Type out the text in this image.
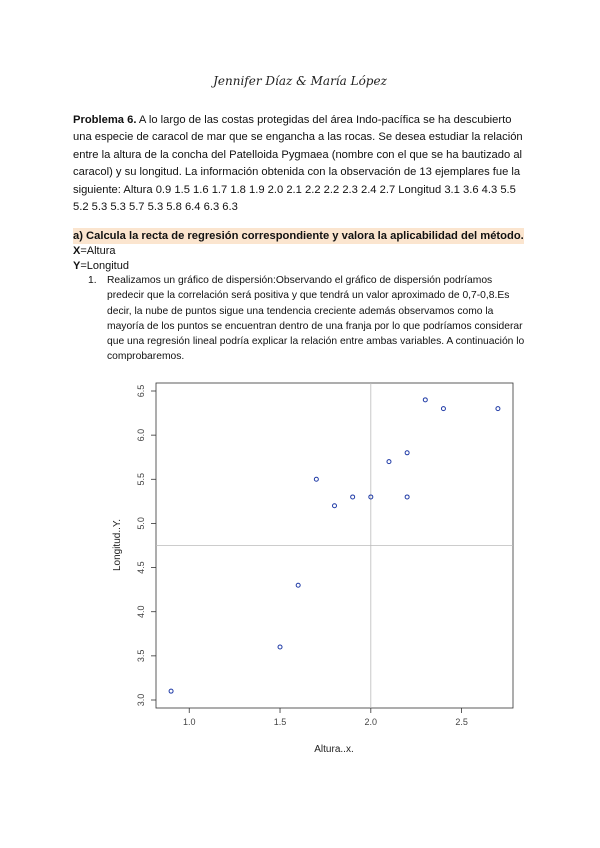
Jennifer Díaz & María López
Problema 6. A lo largo de las costas protegidas del área Indo-pacífica se ha descubierto una especie de caracol de mar que se engancha a las rocas. Se desea estudiar la relación entre la altura de la concha del Patelloida Pygmaea (nombre con el que se ha bautizado al caracol) y su longitud. La información obtenida con la observación de 13 ejemplares fue la siguiente: Altura 0.9 1.5 1.6 1.7 1.8 1.9 2.0 2.1 2.2 2.2 2.3 2.4 2.7 Longitud 3.1 3.6 4.3 5.5 5.2 5.3 5.3 5.7 5.3 5.8 6.4 6.3 6.3
a) Calcula la recta de regresión correspondiente y valora la aplicabilidad del método.
X=Altura
Y=Longitud
1. Realizamos un gráfico de dispersión:Observando el gráfico de dispersión podríamos predecir que la correlación será positiva y que tendrá un valor aproximado de 0,7-0,8.Es decir, la nube de puntos sigue una tendencia creciente además observamos como la mayoría de los puntos se encuentran dentro de una franja por lo que podríamos considerar que una regresión lineal podría explicar la relación entre ambas variables. A continuación lo comprobaremos.
3.0
3.5
4.0
4.5
5.0
5.5
6.0
6.5
1.0	1.5	2.0	2.5
Altura..x.
Longitud..Y.
